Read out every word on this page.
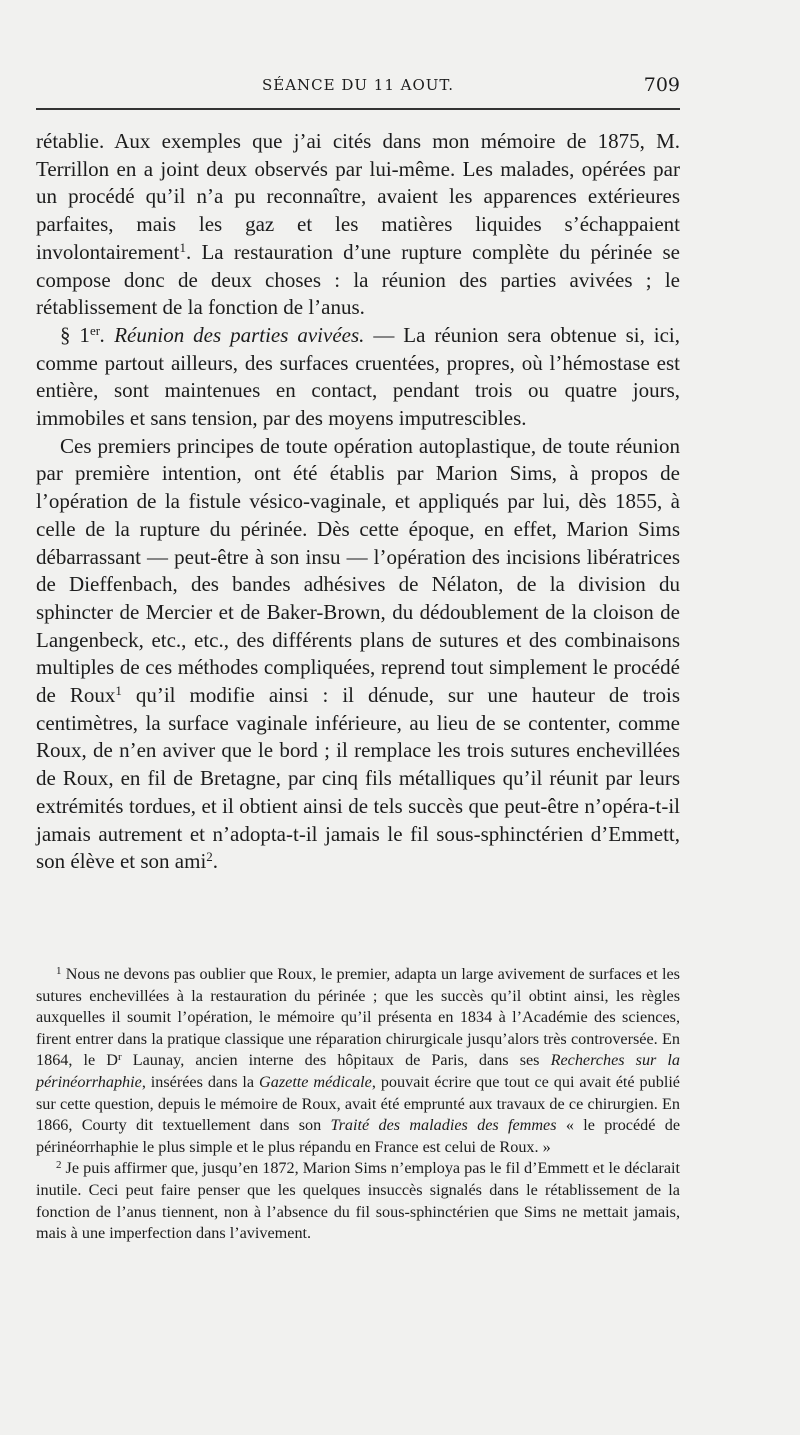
SÉANCE DU 11 AOUT.	709

rétablie. Aux exemples que j’ai cités dans mon mémoire de 1875, M. Terrillon en a joint deux observés par lui-même. Les malades, opérées par un procédé qu’il n’a pu reconnaître, avaient les apparences extérieures parfaites, mais les gaz et les matières liquides s’échappaient involontairement$^1$. La restauration d’une rupture complète du périnée se compose donc de deux choses : la réunion des parties avivées ; le rétablissement de la fonction de l’anus.

§ 1er. Réunion des parties avivées. — La réunion sera obtenue si, ici, comme partout ailleurs, des surfaces cruentées, propres, où l’hémostase est entière, sont maintenues en contact, pendant trois ou quatre jours, immobiles et sans tension, par des moyens imputrescibles.

Ces premiers principes de toute opération autoplastique, de toute réunion par première intention, ont été établis par Marion Sims, à propos de l’opération de la fistule vésico-vaginale, et appliqués par lui, dès 1855, à celle de la rupture du périnée. Dès cette époque, en effet, Marion Sims débarrassant — peut-être à son insu — l’opération des incisions libératrices de Dieffenbach, des bandes adhésives de Nélaton, de la division du sphincter de Mercier et de Baker-Brown, du dédoublement de la cloison de Langenbeck, etc., etc., des différents plans de sutures et des combinaisons multiples de ces méthodes compliquées, reprend tout simplement le procédé de Roux$^1$ qu’il modifie ainsi : il dénude, sur une hauteur de trois centimètres, la surface vaginale inférieure, au lieu de se contenter, comme Roux, de n’en aviver que le bord ; il remplace les trois sutures enchevillées de Roux, en fil de Bretagne, par cinq fils métalliques qu’il réunit par leurs extrémités tordues, et il obtient ainsi de tels succès que peut-être n’opéra-t-il jamais autrement et n’adopta-t-il jamais le fil sous-sphinctérien d’Emmett, son élève et son ami$^2$.

$^1$ Nous ne devons pas oublier que Roux, le premier, adapta un large avivement de surfaces et les sutures enchevillées à la restauration du périnée ; que les succès qu’il obtint ainsi, les règles auxquelles il soumit l’opération, le mémoire qu’il présenta en 1834 à l’Académie des sciences, firent entrer dans la pratique classique une réparation chirurgicale jusqu’alors très controversée. En 1864, le $D^r$ Launay, ancien interne des hôpitaux de Paris, dans ses Recherches sur la périnéorrhaphie, insérées dans la Gazette médicale, pouvait écrire que tout ce qui avait été publié sur cette question, depuis le mémoire de Roux, avait été emprunté aux travaux de ce chirurgien. En 1866, Courty dit textuellement dans son Traité des maladies des femmes « le procédé de périnéorrhaphie le plus simple et le plus répandu en France est celui de Roux. »

$^2$ Je puis affirmer que, jusqu’en 1872, Marion Sims n’employa pas le fil d’Emmett et le déclarait inutile. Ceci peut faire penser que les quelques insuccès signalés dans le rétablissement de la fonction de l’anus tiennent, non à l’absence du fil sous-sphinctérien que Sims ne mettait jamais, mais à une imperfection dans l’avivement.
